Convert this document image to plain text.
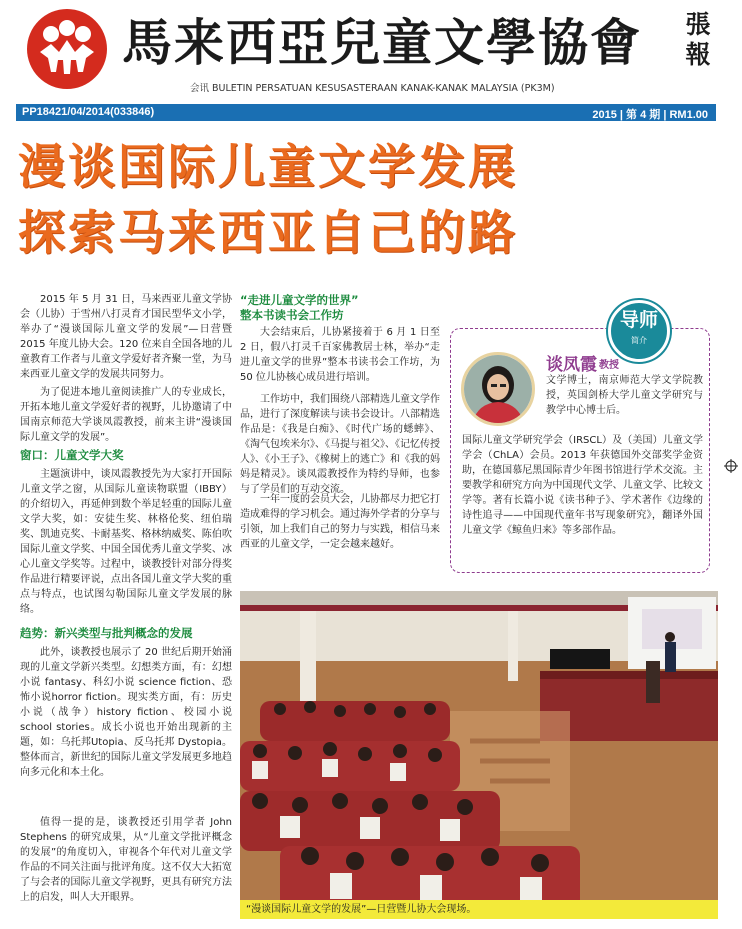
馬来西亞兒童文學協會	張報
会讯 BULETIN PERSATUAN KESUSASTERAAN KANAK-KANAK MALAYSIA (PK3M)
PP18421/04/2014(033846)	2015 | 第 4 期 | RM1.00
漫谈国际儿童文学发展
探索马来西亚自己的路

2015 年 5 月 31 日，马来西亚儿童文学协会（儿协）于雪州八打灵育才国民型华文小学，举办了“漫谈国际儿童文学的发展”—日营暨 2015 年度儿协大会。120 位来自全国各地的儿童教育工作者与儿童文学爱好者齐聚一堂，为马来西亚儿童文学的发展共同努力。

为了促进本地儿童阅读推广人的专业成长，开拓本地儿童文学爱好者的视野，儿协邀请了中国南京师范大学谈凤霞教授，前来主讲“漫谈国际儿童文学的发展”。

窗口：儿童文学大奖

主题演讲中，谈凤霞教授先为大家打开国际儿童文学之窗，从国际儿童读物联盟（IBBY）的介绍切入，再延伸到数个举足轻重的国际儿童文学大奖，如：安徒生奖、林格伦奖、纽伯瑞奖、凯迪克奖、卡耐基奖、格林纳威奖、陈伯吹国际儿童文学奖、中国全国优秀儿童文学奖、冰心儿童文学奖等。过程中，谈教授针对部分得奖作品进行精要评说，点出各国儿童文学大奖的重点与特点，也试图勾勒国际儿童文学发展的脉络。

趋势：新兴类型与批判概念的发展

此外，谈教授也展示了 20 世纪后期开始涌现的儿童文学新兴类型。幻想类方面，有：幻想小说 fantasy、科幻小说 science fiction、恐怖小说horror fiction。现实类方面，有：历史小说（战争）history fiction、校园小说 school stories。成长小说也开始出现新的主题，如：乌托邦Utopia、反乌托邦 Dystopia。整体而言，新世纪的国际儿童文学发展更多地趋向多元化和本土化。

值得一提的是，谈教授还引用学者 John Stephens 的研究成果，从“儿童文学批评概念的发展”的角度切入，审视各个年代对儿童文学作品的不同关注面与批评角度。这不仅大大拓宽了与会者的国际儿童文学视野，更具有研究方法上的启发，叫人大开眼界。

“走进儿童文学的世界”
整本书读书会工作坊

大会结束后，儿协紧接着于 6 月 1 日至 2 日，假八打灵千百家佛教居士林，举办“走进儿童文学的世界”整本书读书会工作坊，为 50 位儿协核心成员进行培训。

工作坊中，我们围绕八部精选儿童文学作品，进行了深度解读与读书会设计。八部精选作品是：《我是白痴》、《时代广场的蟋蟀》、《淘气包埃米尔》、《马提与祖父》、《记忆传授人》、《小王子》、《橡树上的逃亡》和《我的妈妈是精灵》。谈凤霞教授作为特约导师，也参与了学员们的互动交流。

一年一度的会员大会，儿协都尽力把它打造成难得的学习机会。通过海外学者的分享与引领，加上我们自己的努力与实践，相信马来西亚的儿童文学，一定会越来越好。

导师
简介
谈凤霞 教授

文学博士，南京师范大学文学院教授，英国剑桥大学儿童文学研究与教学中心博士后。

国际儿童文学研究学会（IRSCL）及（美国）儿童文学学会（ChLA）会员。2013 年获德国外交部奖学金资助，在德国慕尼黑国际青少年图书馆进行学术交流。主要教学和研究方向为中国现代文学、儿童文学、比较文学等。著有长篇小说《读书种子》、学术著作《边缘的诗性追寻——中国现代童年书写现象研究》，翻译外国儿童文学《鲸鱼归来》等多部作品。

“漫谈国际儿童文学的发展”—日营暨儿协大会现场。
